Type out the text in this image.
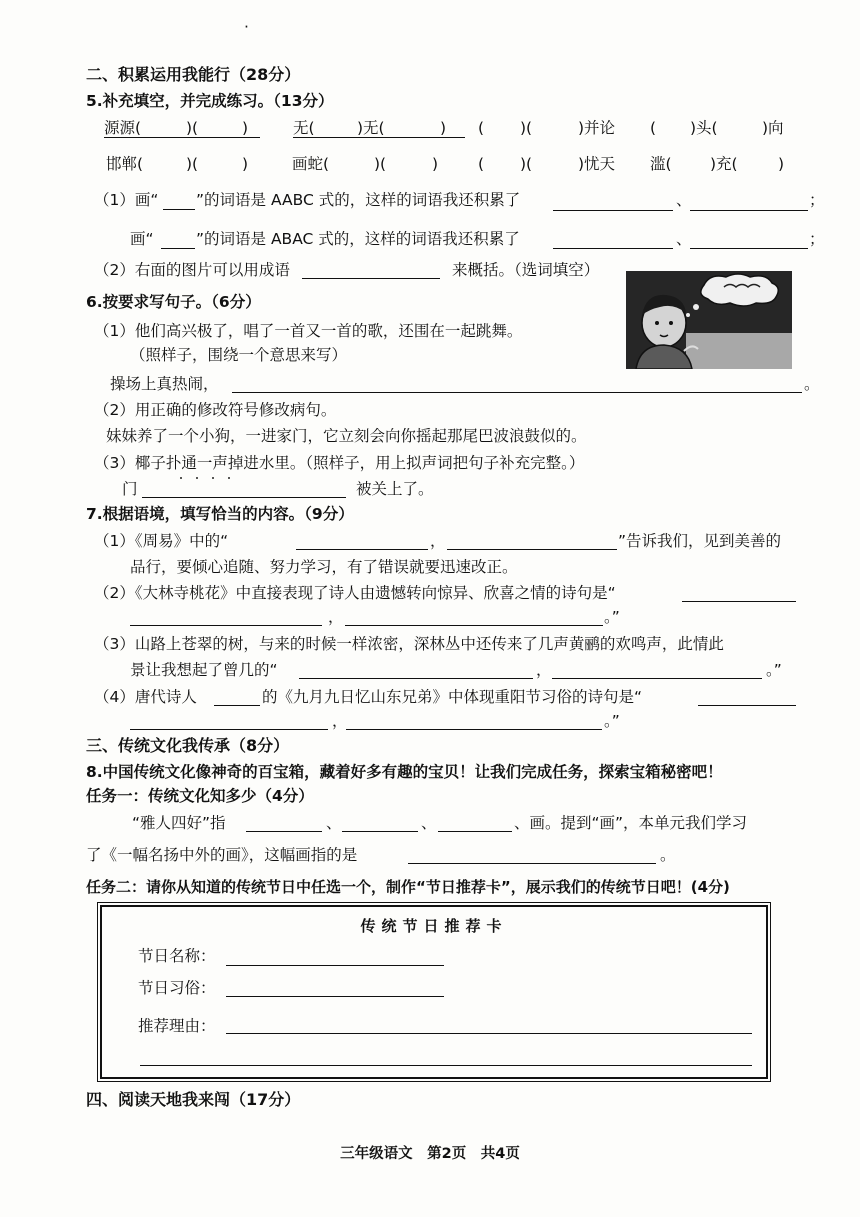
·
二、积累运用我能行（28分）
5.补充填空，并完成练习。（13分）
源源(	)(	)	无(	)无(	) ( )(	)并论 ( )头(	)向
邯郸(	)(	)	画蛇(	)(	)	( )(	)忧天 滥( )充(	)
（1）画“ ”的词语是 AABC 式的，这样的词语我还积累了	、	；
画“	”的词语是 ABAC 式的，这样的词语我还积累了	、	；
（2）右面的图片可以用成语	来概括。（选词填空）
6.按要求写句子。（6分）
（1）他们高兴极了，唱了一首又一首的歌，还围在一起跳舞。
（照样子，围绕一个意思来写）
操场上真热闹，	。
（2）用正确的修改符号修改病句。
妹妹养了一个小狗，一进家门，它立刻会向你摇起那尾巴波浪鼓似的。
（3）椰子扑通一声掉进水里。（照样子，用上拟声词把句子补充完整。）
门	被关上了。
7.根据语境，填写恰当的内容。（9分）
（1）《周易》中的“	，	”告诉我们，见到美善的
品行，要倾心追随、努力学习，有了错误就要迅速改正。
（2）《大林寺桃花》中直接表现了诗人由遗憾转向惊异、欣喜之情的诗句是“
，	。”
（3）山路上苍翠的树，与来的时候一样浓密，深林丛中还传来了几声黄鹂的欢鸣声，此情此
景让我想起了曾几的“	，	。”
（4）唐代诗人	的《九月九日忆山东兄弟》中体现重阳节习俗的诗句是“
，	。”
三、传统文化我传承（8分）
8.中国传统文化像神奇的百宝箱，藏着好多有趣的宝贝！让我们完成任务，探索宝箱秘密吧！
任务一：传统文化知多少（4分）
“雅人四好”指	、	、	、画。提到“画”，本单元我们学习
了《一幅名扬中外的画》，这幅画指的是	。
任务二：请你从知道的传统节日中任选一个，制作“节日推荐卡”，展示我们的传统节日吧！(4分)
传统节日推荐卡
节日名称：
节日习俗：
推荐理由：
四、阅读天地我来闯（17分）
三年级语文　第2页　共4页
